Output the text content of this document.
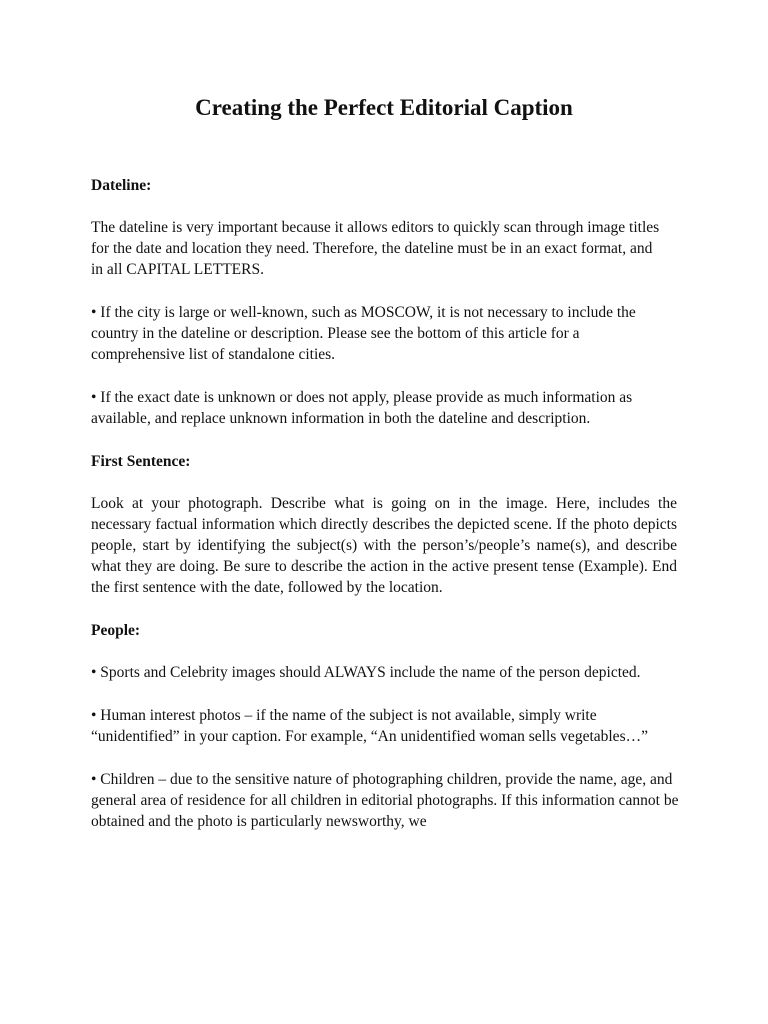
Creating the Perfect Editorial Caption
Dateline:

The dateline is very important because it allows editors to quickly scan through image titles for the date and location they need. Therefore, the dateline must be in an exact format, and in all CAPITAL LETTERS.

• If the city is large or well-known, such as MOSCOW, it is not necessary to include the country in the dateline or description. Please see the bottom of this article for a comprehensive list of standalone cities.

• If the exact date is unknown or does not apply, please provide as much information as available, and replace unknown information in both the dateline and description.

First Sentence:

Look at your photograph. Describe what is going on in the image. Here, includes the necessary factual information which directly describes the depicted scene. If the photo depicts people, start by identifying the subject(s) with the person’s/people’s name(s), and describe what they are doing. Be sure to describe the action in the active present tense (Example). End the first sentence with the date, followed by the location.

People:

• Sports and Celebrity images should ALWAYS include the name of the person depicted.

• Human interest photos – if the name of the subject is not available, simply write “unidentified” in your caption. For example, “An unidentified woman sells vegetables…”

• Children – due to the sensitive nature of photographing children, provide the name, age, and general area of residence for all children in editorial photographs. If this information cannot be obtained and the photo is particularly newsworthy, we
